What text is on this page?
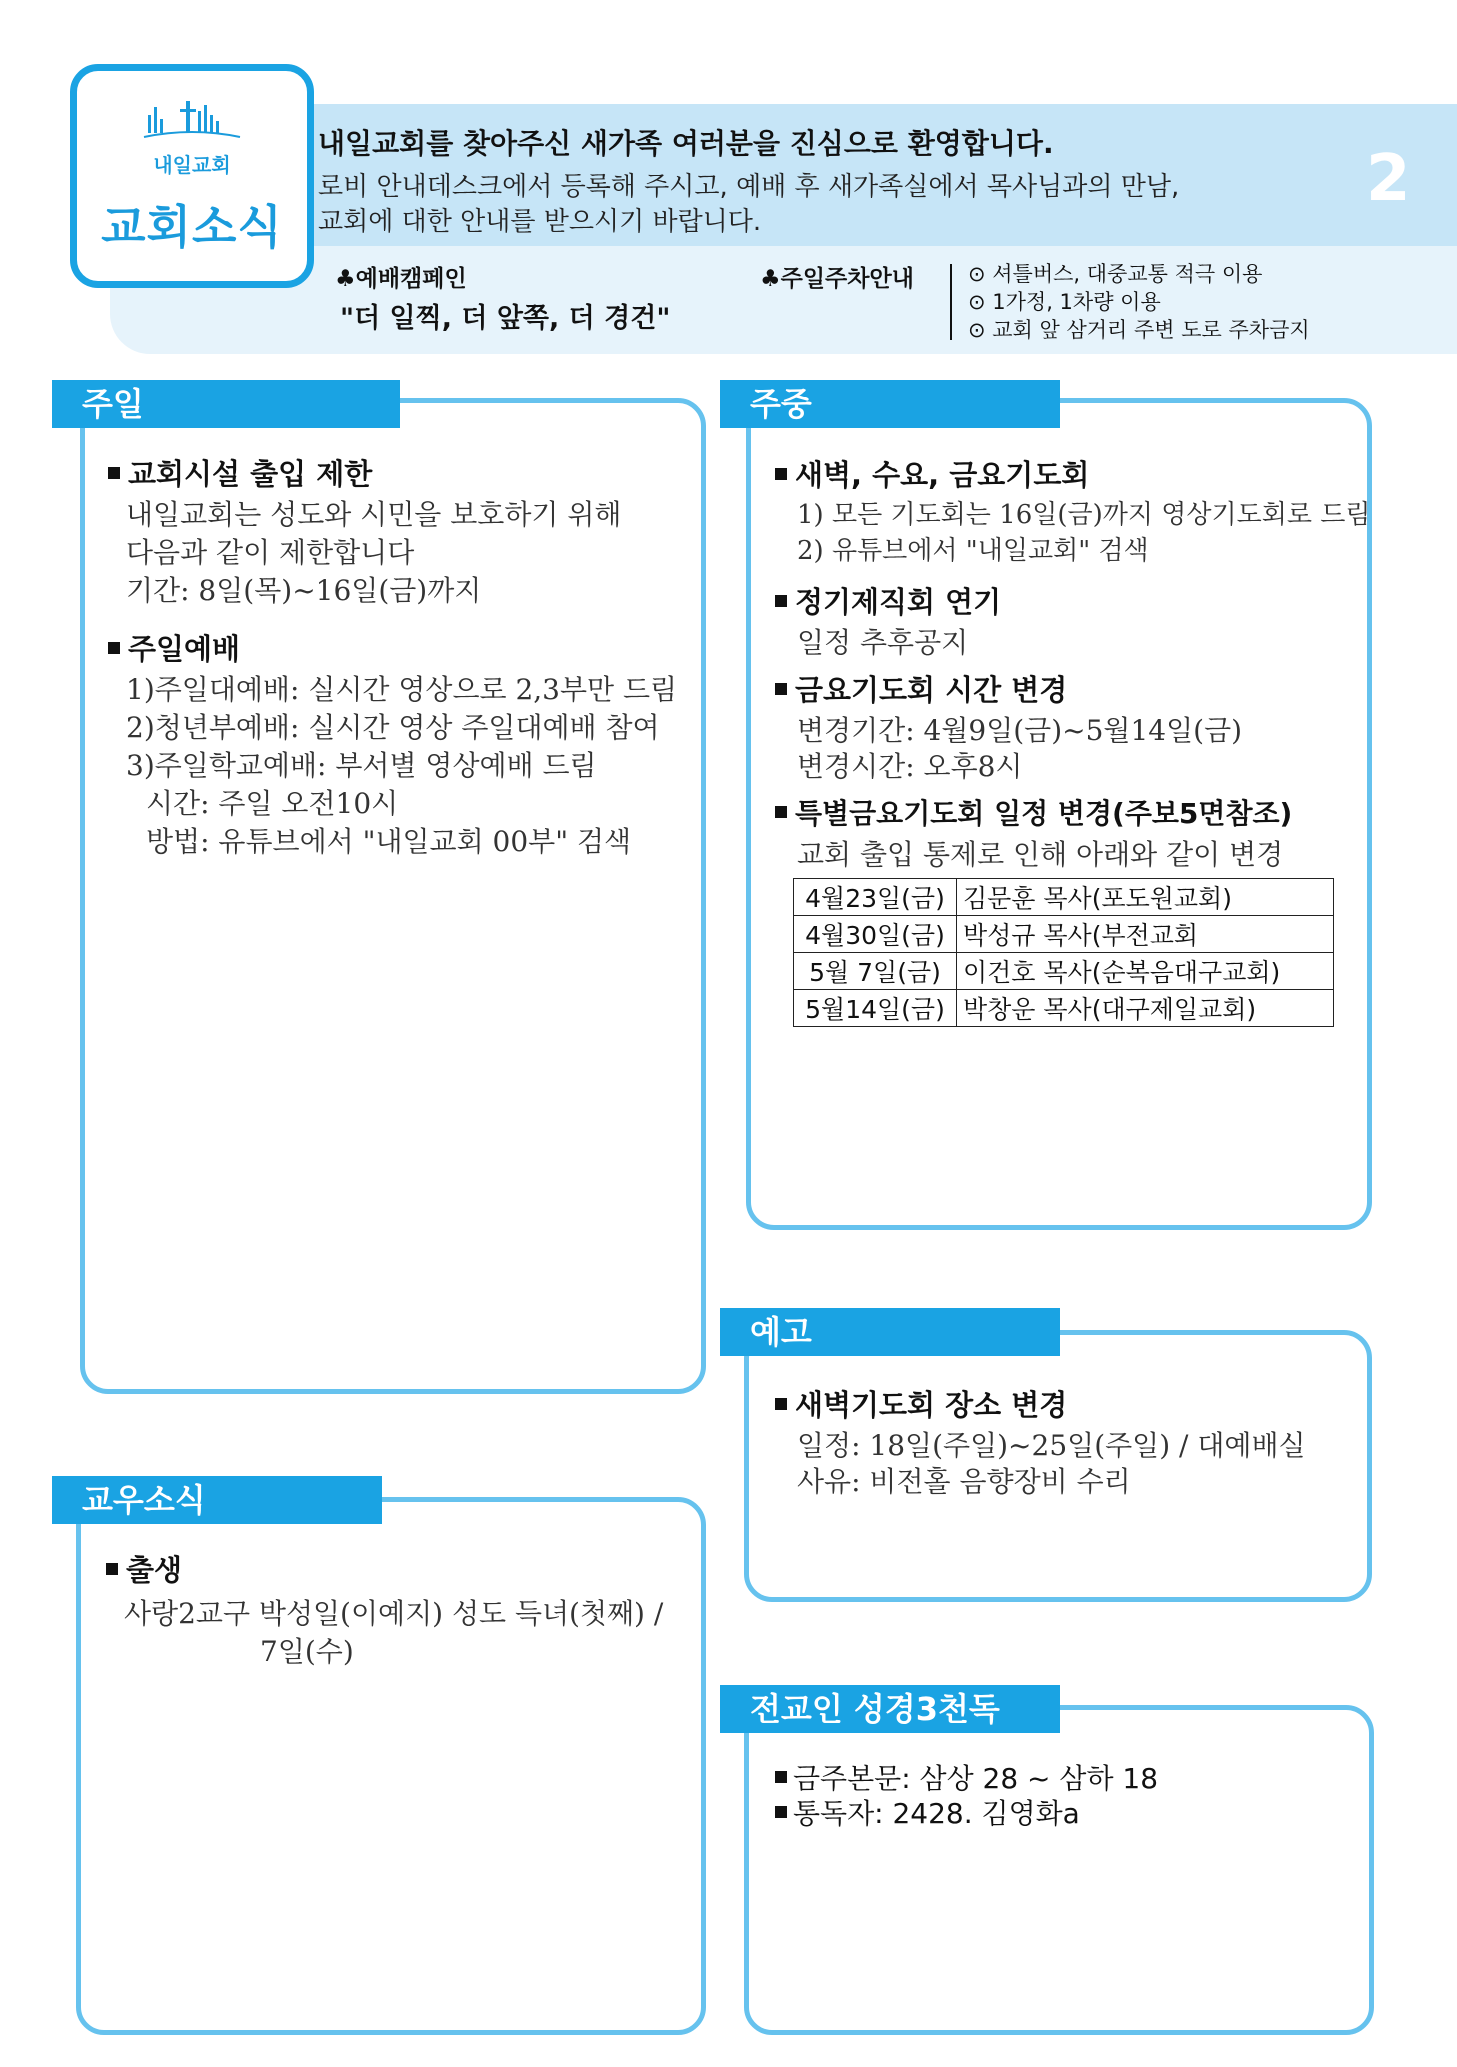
내일교회
교회소식
내일교회를 찾아주신 새가족 여러분을 진심으로 환영합니다.
로비 안내데스크에서 등록해 주시고, 예배 후 새가족실에서 목사님과의 만남,
교회에 대한 안내를 받으시기 바랍니다.
2
♣예배캠페인
"더 일찍, 더 앞쪽, 더 경건"
♣주일주차안내	⊙ 셔틀버스, 대중교통 적극 이용
⊙ 1가정, 1차량 이용
⊙ 교회 앞 삼거리 주변 도로 주차금지
주일
교회시설 출입 제한
내일교회는 성도와 시민을 보호하기 위해
다음과 같이 제한합니다
기간: 8일(목)~16일(금)까지
주일예배
1)주일대예배: 실시간 영상으로 2,3부만 드림
2)청년부예배: 실시간 영상 주일대예배 참여
3)주일학교예배: 부서별 영상예배 드림
시간: 주일 오전10시
방법: 유튜브에서 "내일교회 00부" 검색
주중
새벽, 수요, 금요기도회
1) 모든 기도회는 16일(금)까지 영상기도회로 드림
2) 유튜브에서 "내일교회" 검색
정기제직회 연기
일정 추후공지
금요기도회 시간 변경
변경기간: 4월9일(금)~5월14일(금)
변경시간: 오후8시
특별금요기도회 일정 변경(주보5면참조)
교회 출입 통제로 인해 아래와 같이 변경
4월23일(금)	김문훈 목사(포도원교회)
4월30일(금)	박성규 목사(부전교회
5월 7일(금)	이건호 목사(순복음대구교회)
5월14일(금)	박창운 목사(대구제일교회)
예고
새벽기도회 장소 변경
일정: 18일(주일)~25일(주일) / 대예배실
사유: 비전홀 음향장비 수리
교우소식
출생
사랑2교구 박성일(이예지) 성도 득녀(첫째) /
7일(수)
전교인 성경3천독
금주본문: 삼상 28 ~ 삼하 18
통독자: 2428. 김영화a
